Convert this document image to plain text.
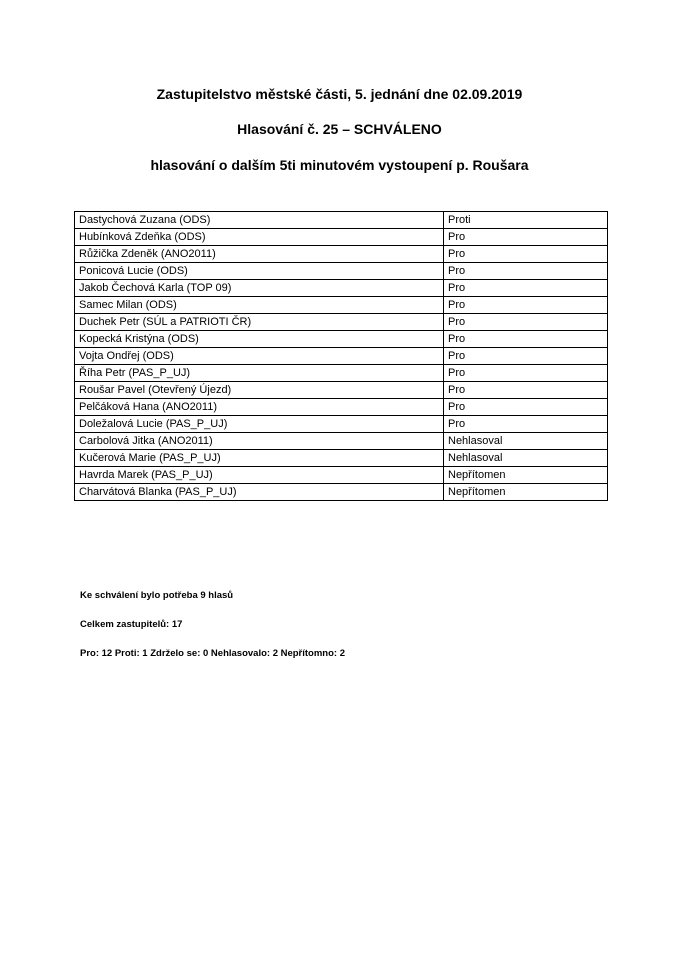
Zastupitelstvo městské části, 5. jednání dne 02.09.2019
Hlasování č. 25 – SCHVÁLENO
hlasování o dalším 5ti minutovém vystoupení p. Roušara
Dastychová Zuzana (ODS)	Proti
Hubínková Zdeňka (ODS)	Pro
Růžička Zdeněk (ANO2011)	Pro
Ponicová Lucie (ODS)	Pro
Jakob Čechová Karla (TOP 09)	Pro
Samec Milan (ODS)	Pro
Duchek Petr (SÚL a PATRIOTI ČR)	Pro
Kopecká Kristýna (ODS)	Pro
Vojta Ondřej (ODS)	Pro
Říha Petr (PAS_P_UJ)	Pro
Roušar Pavel (Otevřený Újezd)	Pro
Pelčáková Hana (ANO2011)	Pro
Doležalová Lucie (PAS_P_UJ)	Pro
Carbolová Jitka (ANO2011)	Nehlasoval
Kučerová Marie (PAS_P_UJ)	Nehlasoval
Havrda Marek (PAS_P_UJ)	Nepřítomen
Charvátová Blanka (PAS_P_UJ)	Nepřítomen
Ke schválení bylo potřeba 9 hlasů
Celkem zastupitelů: 17
Pro: 12 Proti: 1 Zdrželo se: 0 Nehlasovalo: 2 Nepřítomno: 2
